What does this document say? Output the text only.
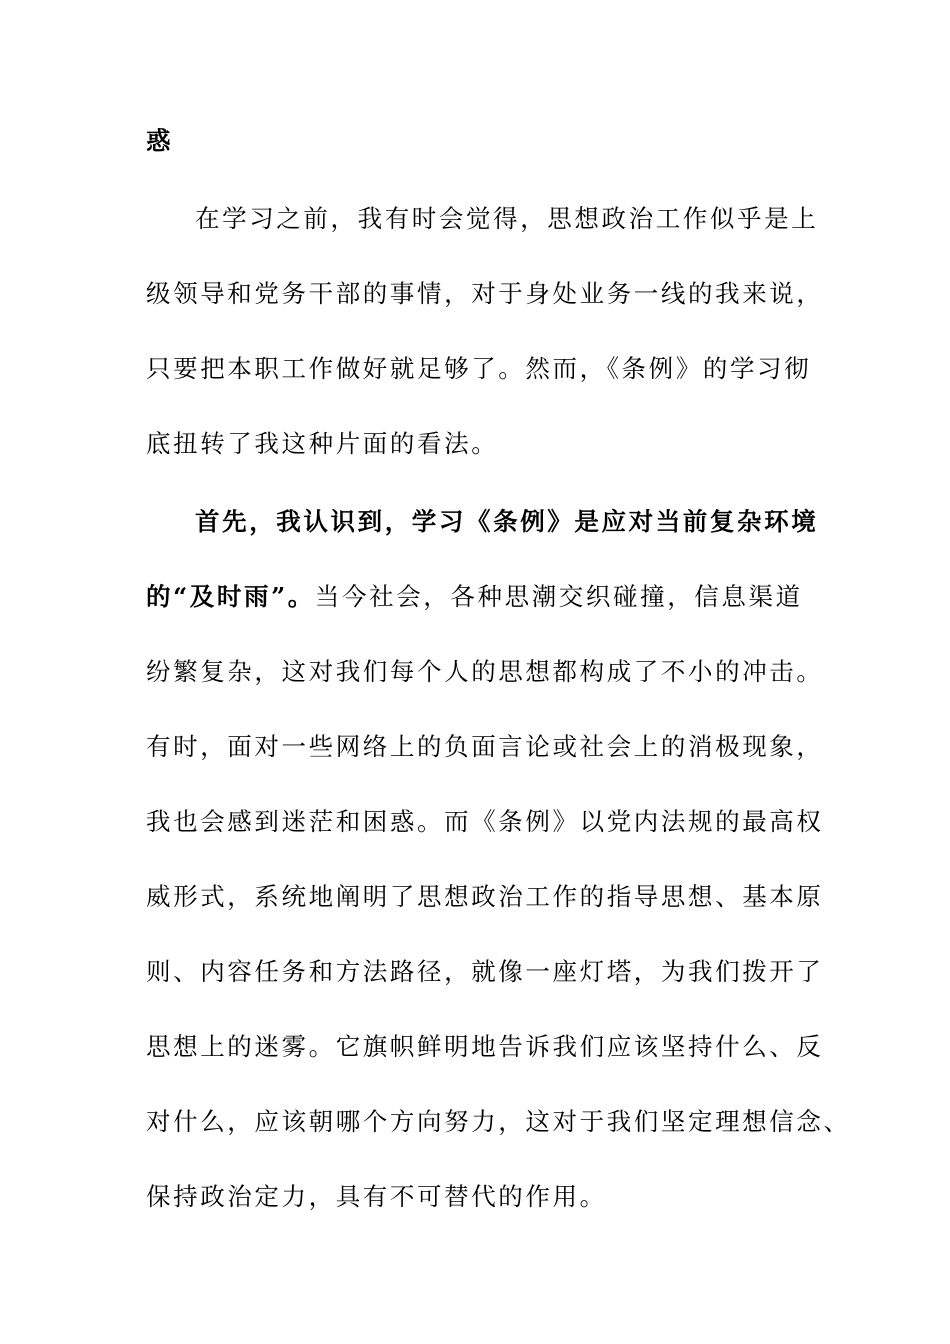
惑
在学习之前，我有时会觉得，思想政治工作似乎是上
级领导和党务干部的事情，对于身处业务一线的我来说，
只要把本职工作做好就足够了。然而，《条例》的学习彻
底扭转了我这种片面的看法。
首先，我认识到，学习《条例》是应对当前复杂环境
的“及时雨”。当今社会，各种思潮交织碰撞，信息渠道
纷繁复杂，这对我们每个人的思想都构成了不小的冲击。
有时，面对一些网络上的负面言论或社会上的消极现象，
我也会感到迷茫和困惑。而《条例》以党内法规的最高权
威形式，系统地阐明了思想政治工作的指导思想、基本原
则、内容任务和方法路径，就像一座灯塔，为我们拨开了
思想上的迷雾。它旗帜鲜明地告诉我们应该坚持什么、反
对什么，应该朝哪个方向努力，这对于我们坚定理想信念、
保持政治定力，具有不可替代的作用。
